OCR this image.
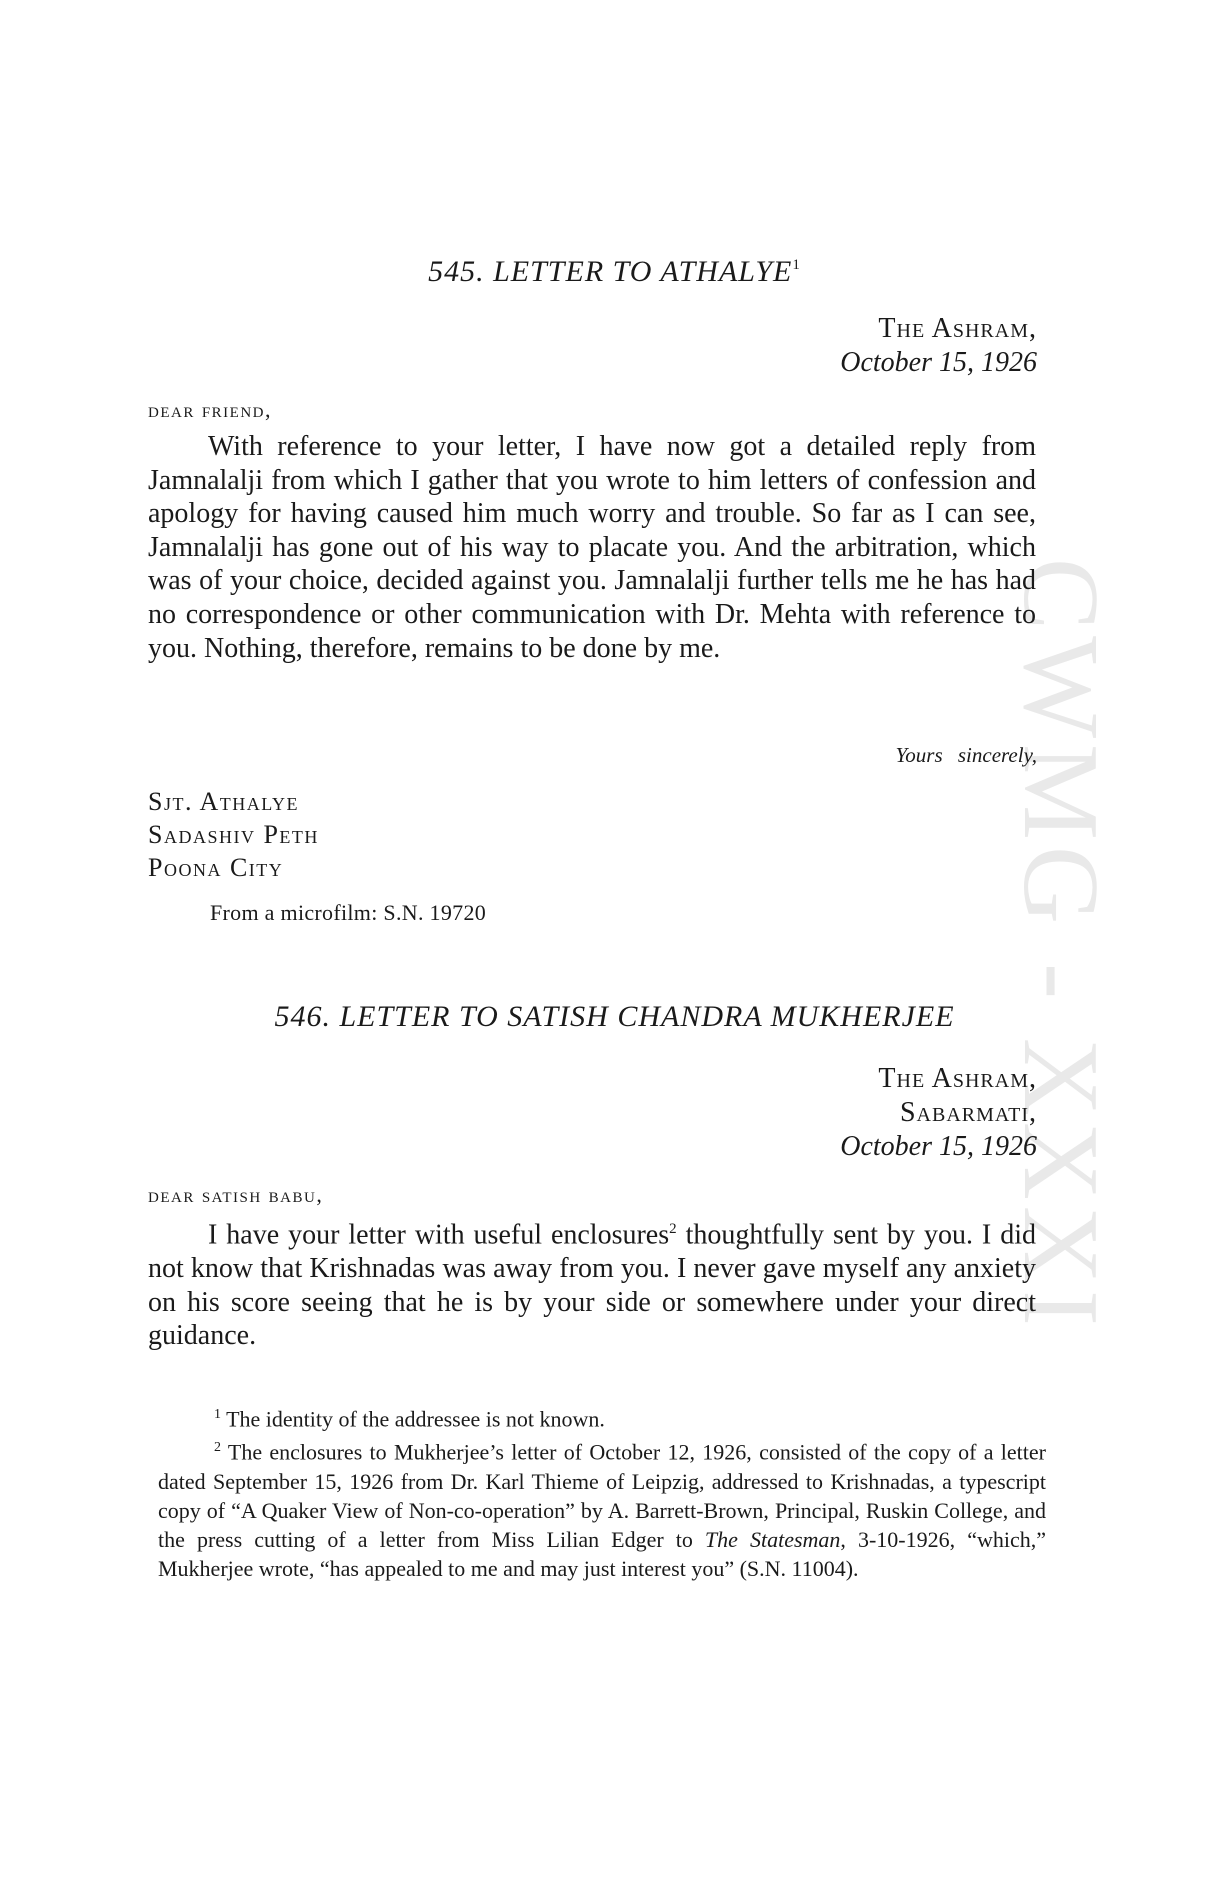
CWMG - XXXI
545. LETTER TO ATHALYE$^1$
The Ashram,
October 15, 1926
dear friend,

With reference to your letter, I have now got a detailed reply from Jamnalalji from which I gather that you wrote to him letters of confession and apology for having caused him much worry and trouble. So far as I can see, Jamnalalji has gone out of his way to placate you. And the arbitration, which was of your choice, decided against you. Jamnalalji further tells me he has had no correspondence or other communication with Dr. Mehta with reference to you. Nothing, therefore, remains to be done by me.

Yours sincerely,
Sjt. Athalye
Sadashiv Peth
Poona City
From a microfilm: S.N. 19720
546. LETTER TO SATISH CHANDRA MUKHERJEE
The Ashram,
Sabarmati,
October 15, 1926
dear satish babu,

I have your letter with useful enclosures$^2$ thoughtfully sent by you. I did not know that Krishnadas was away from you. I never gave myself any anxiety on his score seeing that he is by your side or somewhere under your direct guidance.

$^1$ The identity of the addressee is not known.

$^2$ The enclosures to Mukherjee’s letter of October 12, 1926, consisted of the copy of a letter dated September 15, 1926 from Dr. Karl Thieme of Leipzig, addressed to Krishnadas, a typescript copy of “A Quaker View of Non-co-operation” by A. Barrett-Brown, Principal, Ruskin College, and the press cutting of a letter from Miss Lilian Edger to The Statesman, 3-10-1926, “which,” Mukherjee wrote, “has appealed to me and may just interest you” (S.N. 11004).
